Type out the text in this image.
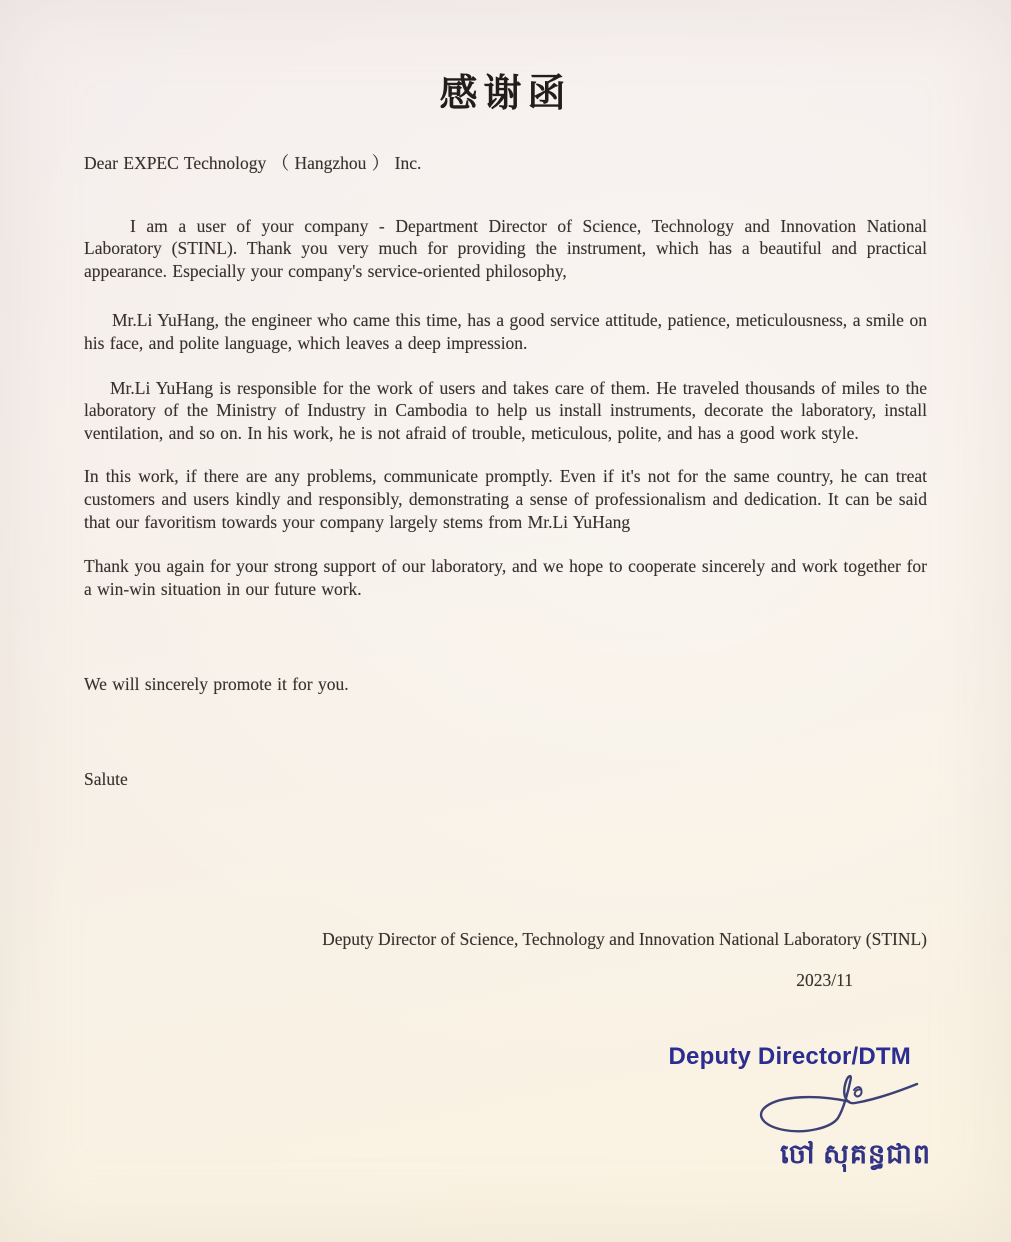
感谢函

Dear EXPEC Technology （ Hangzhou ） Inc.

I am a user of your company - Department Director of Science, Technology and Innovation National Laboratory (STINL). Thank you very much for providing the instrument, which has a beautiful and practical appearance. Especially your company's service-oriented philosophy,

Mr.Li YuHang, the engineer who came this time, has a good service attitude, patience, meticulousness, a smile on his face, and polite language, which leaves a deep impression.

Mr.Li YuHang is responsible for the work of users and takes care of them. He traveled thousands of miles to the laboratory of the Ministry of Industry in Cambodia to help us install instruments, decorate the laboratory, install ventilation, and so on. In his work, he is not afraid of trouble, meticulous, polite, and has a good work style.

In this work, if there are any problems, communicate promptly. Even if it's not for the same country, he can treat customers and users kindly and responsibly, demonstrating a sense of professionalism and dedication. It can be said that our favoritism towards your company largely stems from Mr.Li YuHang

Thank you again for your strong support of our laboratory, and we hope to cooperate sincerely and work together for a win-win situation in our future work.

We will sincerely promote it for you.

Salute

Deputy Director of Science, Technology and Innovation National Laboratory (STINL)

2023/11

Deputy Director/DTM
ចៅ សុគន្ធជាព
